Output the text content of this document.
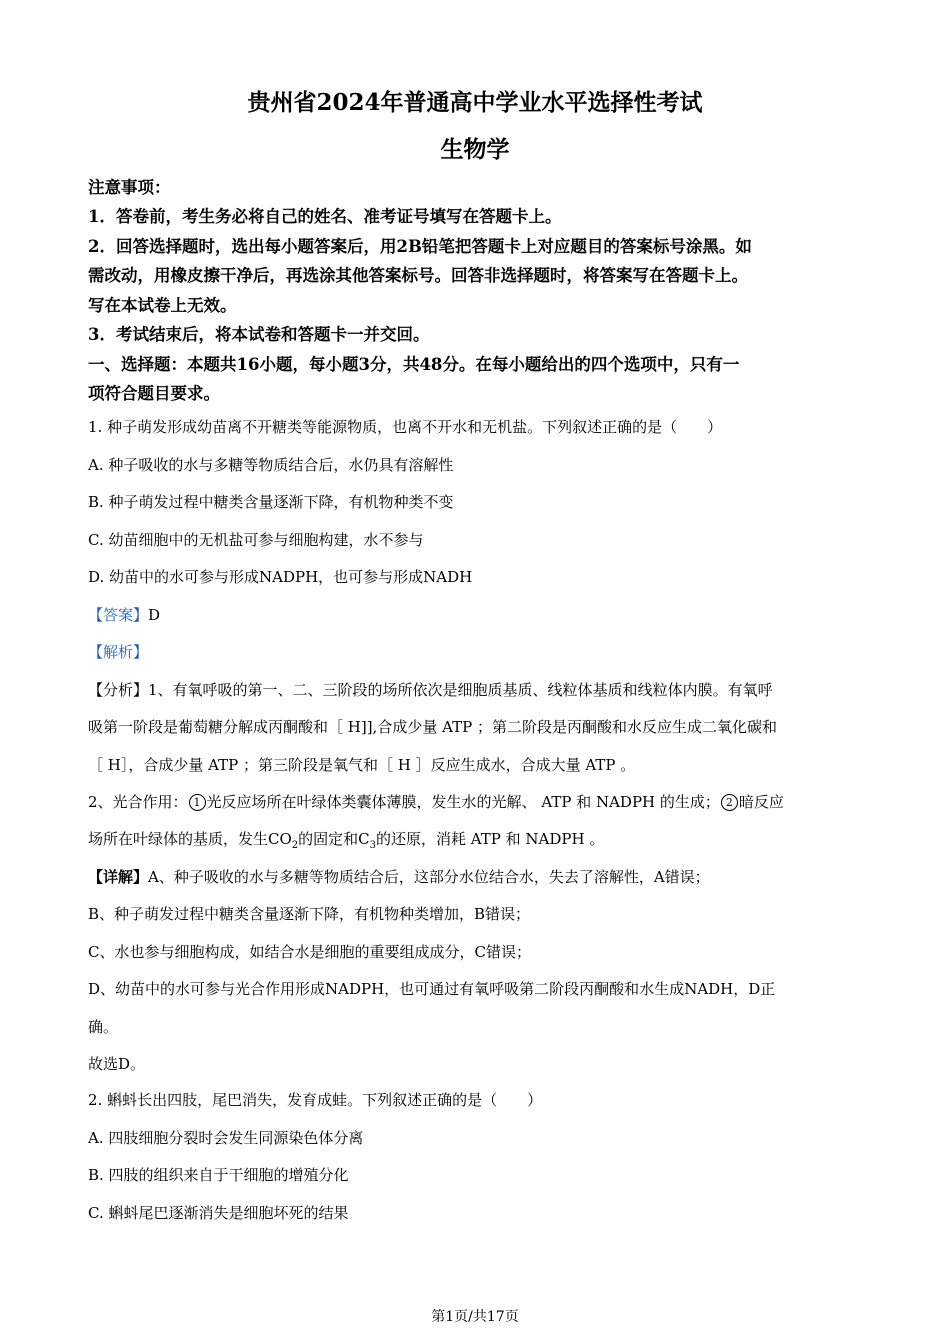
贵州省2024年普通高中学业水平选择性考试
生物学
注意事项：
1．答卷前，考生务必将自己的姓名、准考证号填写在答题卡上。
2．回答选择题时，选出每小题答案后，用2B铅笔把答题卡上对应题目的答案标号涂黑。如
需改动，用橡皮擦干净后，再选涂其他答案标号。回答非选择题时，将答案写在答题卡上。
写在本试卷上无效。
3．考试结束后，将本试卷和答题卡一并交回。
一、选择题：本题共16小题，每小题3分，共48分。在每小题给出的四个选项中，只有一
项符合题目要求。
1. 种子萌发形成幼苗离不开糖类等能源物质，也离不开水和无机盐。下列叙述正确的是（　　）
A. 种子吸收的水与多糖等物质结合后，水仍具有溶解性
B. 种子萌发过程中糖类含量逐渐下降，有机物种类不变
C. 幼苗细胞中的无机盐可参与细胞构建，水不参与
D. 幼苗中的水可参与形成NADPH，也可参与形成NADH
【答案】D
【解析】
【分析】1、有氧呼吸的第一、二、三阶段的场所依次是细胞质基质、线粒体基质和线粒体内膜。有氧呼
吸第一阶段是葡萄糖分解成丙酮酸和［ H]],合成少量 ATP ；第二阶段是丙酮酸和水反应生成二氧化碳和
［ H］，合成少量 ATP ；第三阶段是氧气和［ H ］反应生成水，合成大量 ATP 。
2、光合作用： 1 光反应场所在叶绿体类囊体薄膜，发生水的光解、 ATP 和 NADPH 的生成； 2 暗反应
场所在叶绿体的基质，发生$CO_2$的固定和$C_3$的还原，消耗 ATP 和 NADPH 。
【详解】A、种子吸收的水与多糖等物质结合后，这部分水位结合水，失去了溶解性，A错误；
B、种子萌发过程中糖类含量逐渐下降，有机物种类增加，B错误；
C、水也参与细胞构成，如结合水是细胞的重要组成成分，C错误；
D、幼苗中的水可参与光合作用形成NADPH，也可通过有氧呼吸第二阶段丙酮酸和水生成NADH，D正
确。
故选D。
2. 蝌蚪长出四肢，尾巴消失，发育成蛙。下列叙述正确的是（　　）
A. 四肢细胞分裂时会发生同源染色体分离
B. 四肢的组织来自于干细胞的增殖分化
C. 蝌蚪尾巴逐渐消失是细胞坏死的结果
第1页/共17页
